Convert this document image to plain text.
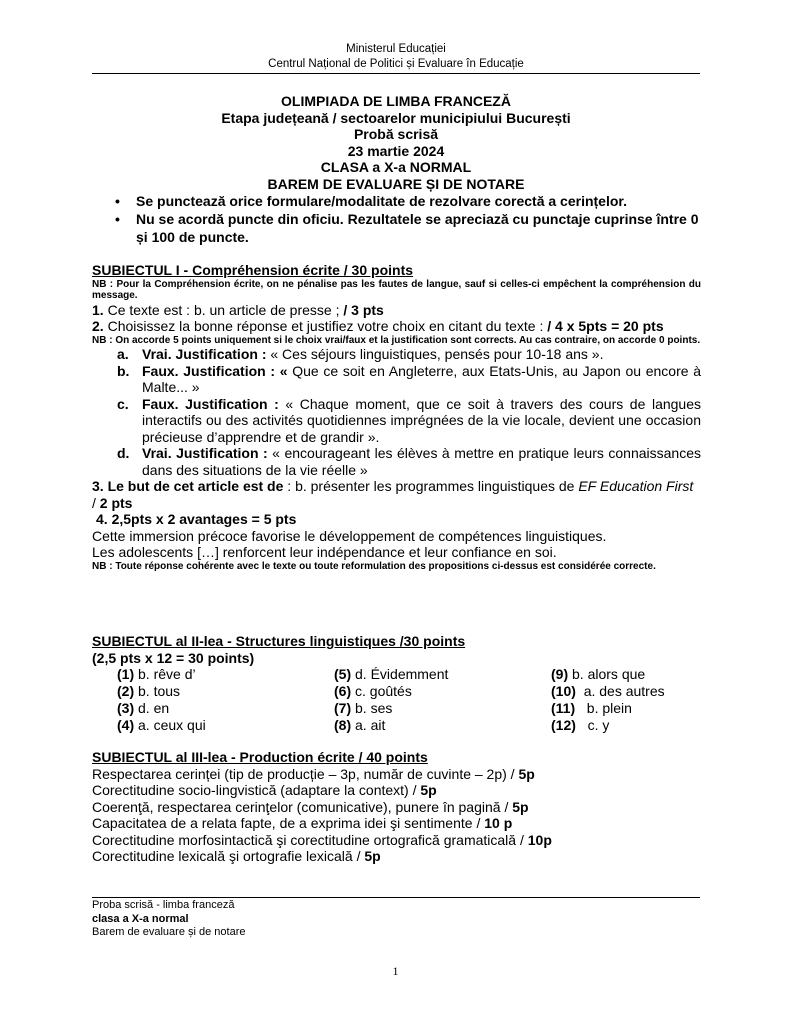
Ministerul Educației
Centrul Național de Politici și Evaluare în Educație
OLIMPIADA DE LIMBA FRANCEZĂ
Etapa județeană / sectoarelor municipiului București
Probă scrisă
23 martie 2024
CLASA a X-a NORMAL
BAREM DE EVALUARE ȘI DE NOTARE
• Se punctează orice formulare/modalitate de rezolvare corectă a cerințelor.
• Nu se acordă puncte din oficiu. Rezultatele se apreciază cu punctaje cuprinse între 0 și 100 de puncte.
SUBIECTUL I - Compréhension écrite / 30 points
NB : Pour la Compréhension écrite, on ne pénalise pas les fautes de langue, sauf si celles-ci empêchent la compréhension du message.
1. Ce texte est : b. un article de presse ; / 3 pts
2. Choisissez la bonne réponse et justifiez votre choix en citant du texte : / 4 x 5pts = 20 pts
NB : On accorde 5 points uniquement si le choix vrai/faux et la justification sont corrects. Au cas contraire, on accorde 0 points.
a. Vrai. Justification : « Ces séjours linguistiques, pensés pour 10-18 ans ».
b. Faux. Justification : « Que ce soit en Angleterre, aux Etats-Unis, au Japon ou encore à Malte... »
c. Faux. Justification : « Chaque moment, que ce soit à travers des cours de langues interactifs ou des activités quotidiennes imprégnées de la vie locale, devient une occasion précieuse d’apprendre et de grandir ».
d. Vrai. Justification : « encourageant les élèves à mettre en pratique leurs connaissances dans des situations de la vie réelle »
3. Le but de cet article est de : b. présenter les programmes linguistiques de EF Education First / 2 pts
4. 2,5pts x 2 avantages = 5 pts
Cette immersion précoce favorise le développement de compétences linguistiques.
Les adolescents […] renforcent leur indépendance et leur confiance en soi.
NB : Toute réponse cohérente avec le texte ou toute reformulation des propositions ci-dessus est considérée correcte.
SUBIECTUL al II-lea - Structures linguistiques /30 points
(2,5 pts x 12 = 30 points)
(1) b. rêve d’
(2) b. tous
(3) d. en
(4) a. ceux qui
(5) d. Évidemment
(6) c. goûtés
(7) b. ses
(8) a. ait
(9) b. alors que
(10) a. des autres
(11) b. plein
(12) c. y
SUBIECTUL al III-lea - Production écrite / 40 points
Respectarea cerinței (tip de producție – 3p, număr de cuvinte – 2p) / 5p
Corectitudine socio-lingvistică (adaptare la context) / 5p
Coerenţă, respectarea cerinţelor (comunicative), punere în pagină / 5p
Capacitatea de a relata fapte, de a exprima idei şi sentimente / 10 p
Corectitudine morfosintactică şi corectitudine ortografică gramaticală / 10p
Corectitudine lexicală şi ortografie lexicală / 5p
Proba scrisă - limba franceză
clasa a X-a normal
Barem de evaluare și de notare
1
